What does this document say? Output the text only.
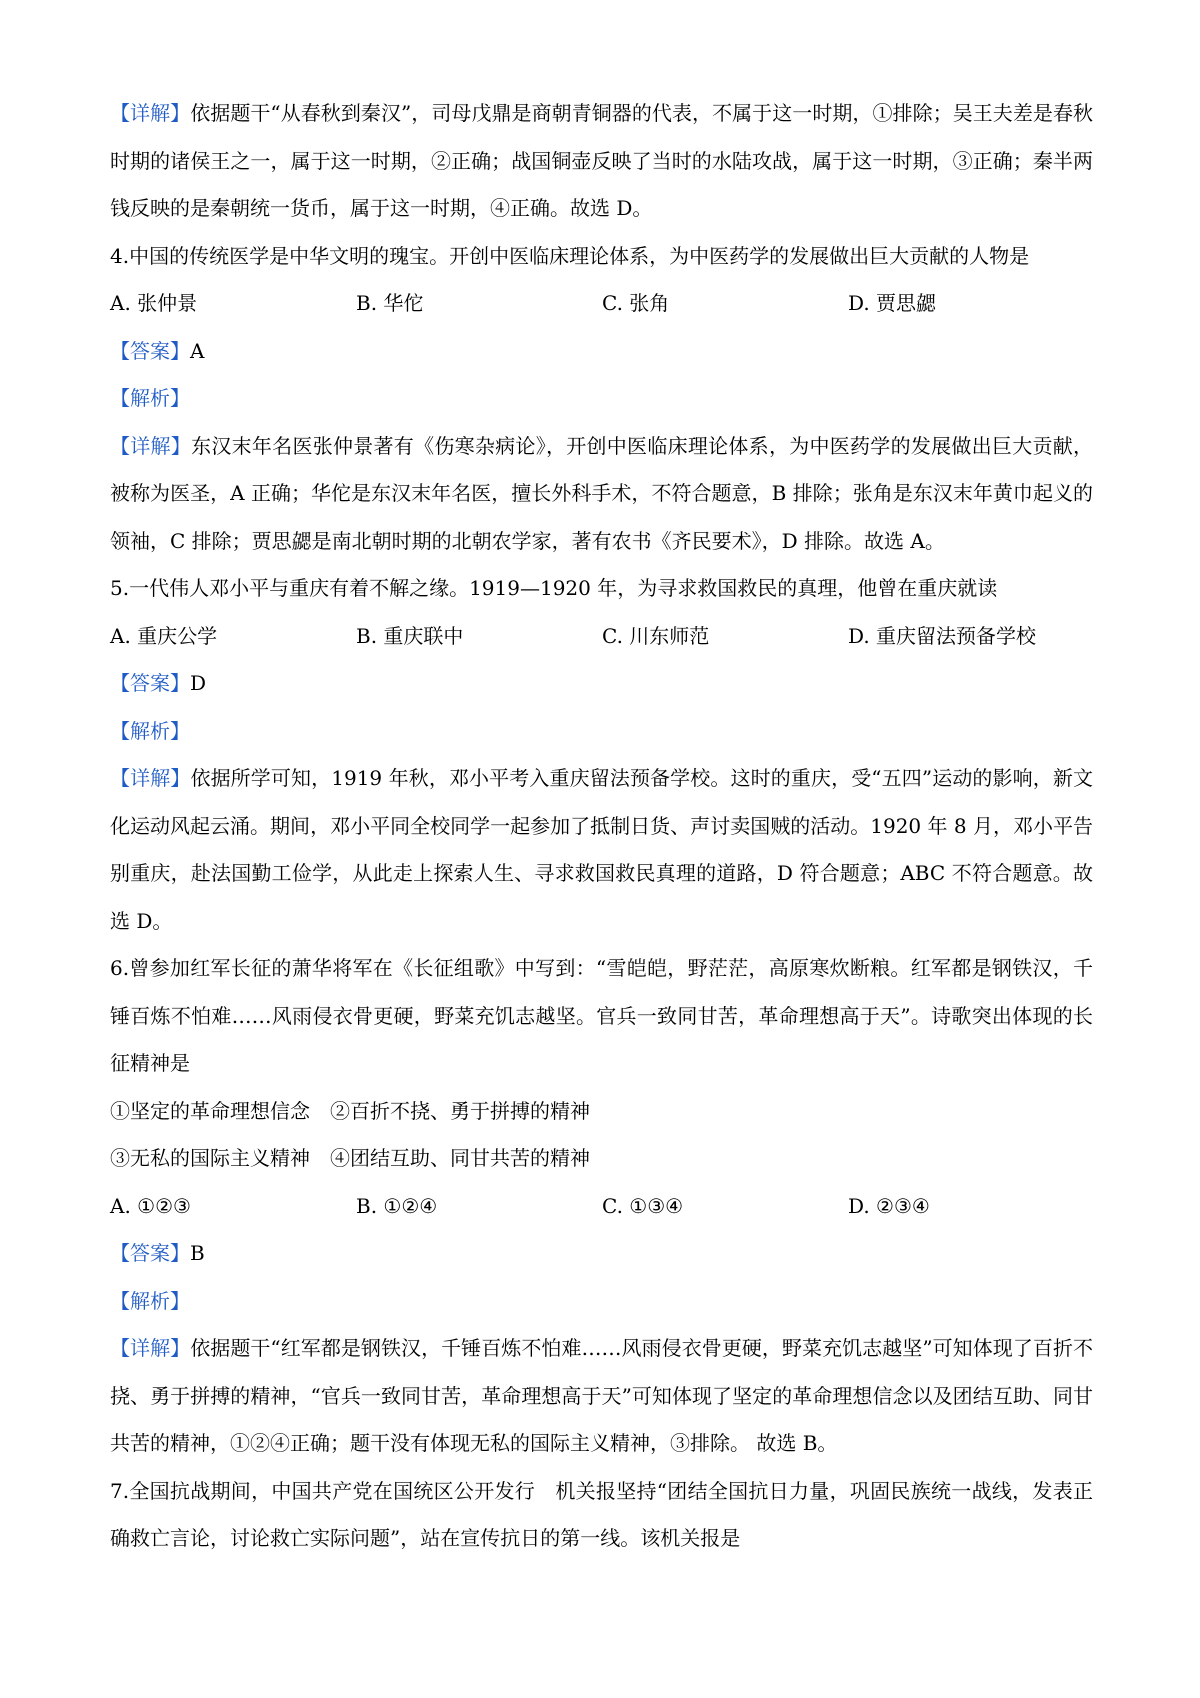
【详解】依据题干“从春秋到秦汉”，司母戊鼎是商朝青铜器的代表，不属于这一时期，①排除；吴王夫差是春秋时期的诸侯王之一，属于这一时期，②正确；战国铜壶反映了当时的水陆攻战，属于这一时期，③正确；秦半两钱反映的是秦朝统一货币，属于这一时期，④正确。故选 D。
4.中国的传统医学是中华文明的瑰宝。开创中医临床理论体系，为中医药学的发展做出巨大贡献的人物是
A. 张仲景	B. 华佗	C. 张角	D. 贾思勰
【答案】A
【解析】
【详解】东汉末年名医张仲景著有《伤寒杂病论》，开创中医临床理论体系，为中医药学的发展做出巨大贡献，被称为医圣，A 正确；华佗是东汉末年名医，擅长外科手术，不符合题意，B 排除；张角是东汉末年黄巾起义的领袖，C 排除；贾思勰是南北朝时期的北朝农学家，著有农书《齐民要术》，D 排除。故选 A。
5.一代伟人邓小平与重庆有着不解之缘。1919—1920 年，为寻求救国救民的真理，他曾在重庆就读
A. 重庆公学	B. 重庆联中	C. 川东师范	D. 重庆留法预备学校
【答案】D
【解析】
【详解】依据所学可知，1919 年秋，邓小平考入重庆留法预备学校。这时的重庆，受“五四”运动的影响，新文化运动风起云涌。期间，邓小平同全校同学一起参加了抵制日货、声讨卖国贼的活动。1920 年 8 月，邓小平告别重庆，赴法国勤工俭学，从此走上探索人生、寻求救国救民真理的道路，D 符合题意；ABC 不符合题意。故选 D。
6.曾参加红军长征的萧华将军在《长征组歌》中写到：“雪皑皑，野茫茫，高原寒炊断粮。红军都是钢铁汉，千锤百炼不怕难……风雨侵衣骨更硬，野菜充饥志越坚。官兵一致同甘苦，革命理想高于天”。诗歌突出体现的长征精神是
①坚定的革命理想信念　②百折不挠、勇于拼搏的精神
③无私的国际主义精神　④团结互助、同甘共苦的精神
A. ①②③	B. ①②④	C. ①③④	D. ②③④
【答案】B
【解析】
【详解】依据题干“红军都是钢铁汉，千锤百炼不怕难……风雨侵衣骨更硬，野菜充饥志越坚”可知体现了百折不挠、勇于拼搏的精神，“官兵一致同甘苦，革命理想高于天”可知体现了坚定的革命理想信念以及团结互助、同甘共苦的精神，①②④正确；题干没有体现无私的国际主义精神，③排除。 故选 B。
7.全国抗战期间，中国共产党在国统区公开发行　机关报坚持“团结全国抗日力量，巩固民族统一战线，发表正确救亡言论，讨论救亡实际问题”，站在宣传抗日的第一线。该机关报是
